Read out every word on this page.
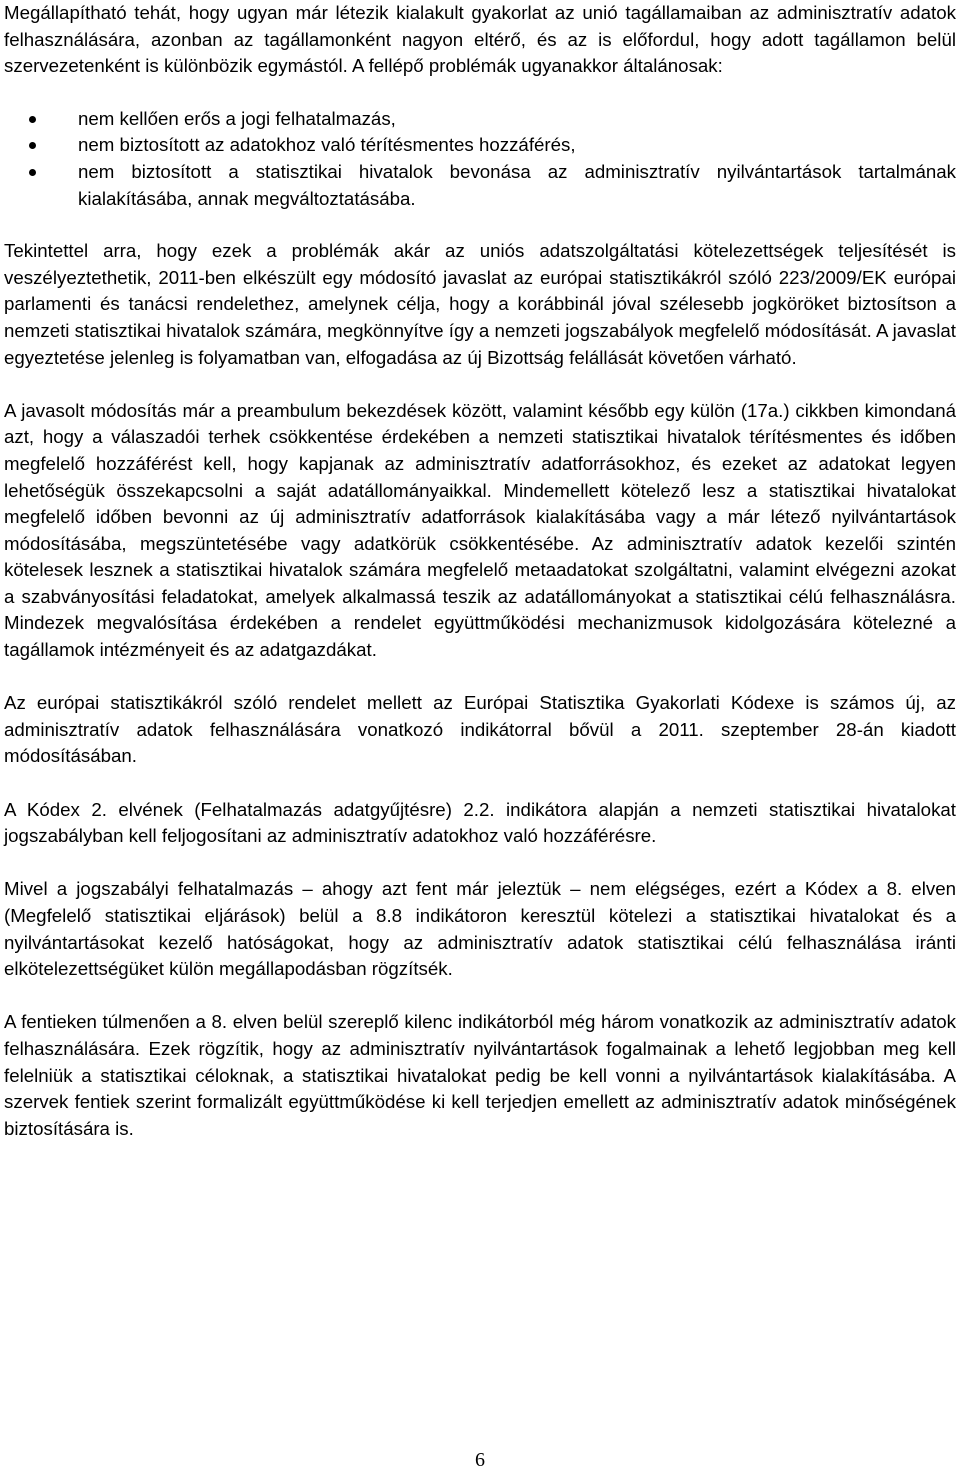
Megállapítható tehát, hogy ugyan már létezik kialakult gyakorlat az unió tagállamaiban az adminisztratív adatok felhasználására, azonban az tagállamonként nagyon eltérő, és az is előfordul, hogy adott tagállamon belül szervezetenként is különbözik egymástól. A fellépő problémák ugyanakkor általánosak:

nem kellően erős a jogi felhatalmazás,
nem biztosított az adatokhoz való térítésmentes hozzáférés,
nem biztosított a statisztikai hivatalok bevonása az adminisztratív nyilvántartások tartalmának kialakításába, annak megváltoztatásába.

Tekintettel arra, hogy ezek a problémák akár az uniós adatszolgáltatási kötelezettségek teljesítését is veszélyeztethetik, 2011-ben elkészült egy módosító javaslat az európai statisztikákról szóló 223/2009/EK európai parlamenti és tanácsi rendelethez, amelynek célja, hogy a korábbinál jóval szélesebb jogköröket biztosítson a nemzeti statisztikai hivatalok számára, megkönnyítve így a nemzeti jogszabályok megfelelő módosítását. A javaslat egyeztetése jelenleg is folyamatban van, elfogadása az új Bizottság felállását követően várható.

A javasolt módosítás már a preambulum bekezdések között, valamint később egy külön (17a.) cikkben kimondaná azt, hogy a válaszadói terhek csökkentése érdekében a nemzeti statisztikai hivatalok térítésmentes és időben megfelelő hozzáférést kell, hogy kapjanak az adminisztratív adatforrásokhoz, és ezeket az adatokat legyen lehetőségük összekapcsolni a saját adatállományaikkal. Mindemellett kötelező lesz a statisztikai hivatalokat megfelelő időben bevonni az új adminisztratív adatforrások kialakításába vagy a már létező nyilvántartások módosításába, megszüntetésébe vagy adatkörük csökkentésébe. Az adminisztratív adatok kezelői szintén kötelesek lesznek a statisztikai hivatalok számára megfelelő metaadatokat szolgáltatni, valamint elvégezni azokat a szabványosítási feladatokat, amelyek alkalmassá teszik az adatállományokat a statisztikai célú felhasználásra. Mindezek megvalósítása érdekében a rendelet együttműködési mechanizmusok kidolgozására kötelezné a tagállamok intézményeit és az adatgazdákat.

Az európai statisztikákról szóló rendelet mellett az Európai Statisztika Gyakorlati Kódexe is számos új, az adminisztratív adatok felhasználására vonatkozó indikátorral bővül a 2011. szeptember 28-án kiadott módosításában.

A Kódex 2. elvének (Felhatalmazás adatgyűjtésre) 2.2. indikátora alapján a nemzeti statisztikai hivatalokat jogszabályban kell feljogosítani az adminisztratív adatokhoz való hozzáférésre.

Mivel a jogszabályi felhatalmazás – ahogy azt fent már jeleztük – nem elégséges, ezért a Kódex a 8. elven (Megfelelő statisztikai eljárások) belül a 8.8 indikátoron keresztül kötelezi a statisztikai hivatalokat és a nyilvántartásokat kezelő hatóságokat, hogy az adminisztratív adatok statisztikai célú felhasználása iránti elkötelezettségüket külön megállapodásban rögzítsék.

A fentieken túlmenően a 8. elven belül szereplő kilenc indikátorból még három vonatkozik az adminisztratív adatok felhasználására. Ezek rögzítik, hogy az adminisztratív nyilvántartások fogalmainak a lehető legjobban meg kell felelniük a statisztikai céloknak, a statisztikai hivatalokat pedig be kell vonni a nyilvántartások kialakításába. A szervek fentiek szerint formalizált együttműködése ki kell terjedjen emellett az adminisztratív adatok minőségének biztosítására is.

6
